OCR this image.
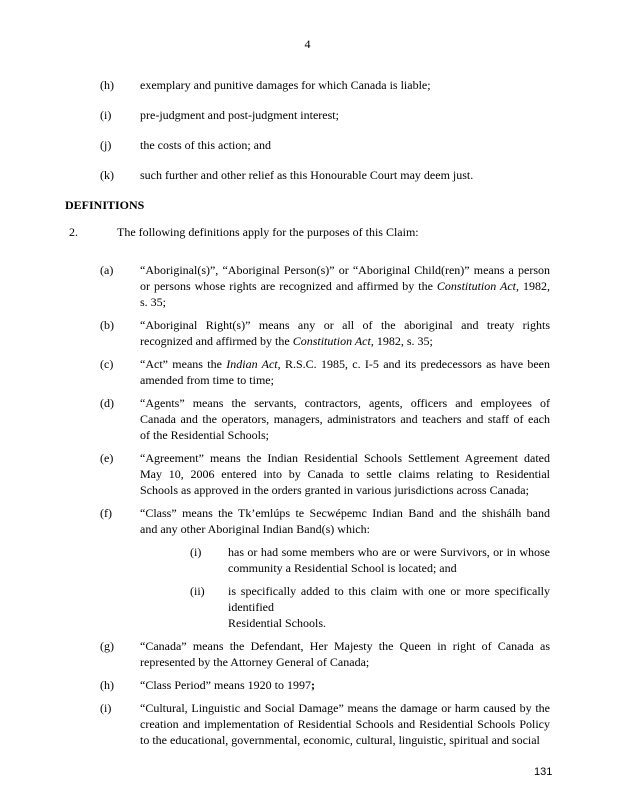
4
(h) exemplary and punitive damages for which Canada is liable;
(i) pre-judgment and post-judgment interest;
(j) the costs of this action; and
(k) such further and other relief as this Honourable Court may deem just.
DEFINITIONS
2.	The following definitions apply for the purposes of this Claim:
(a) “Aboriginal(s)”, “Aboriginal Person(s)” or “Aboriginal Child(ren)” means a person
or persons whose rights are recognized and affirmed by the Constitution Act, 1982,
s. 35;
(b) “Aboriginal Right(s)” means any or all of the aboriginal and treaty rights
recognized and affirmed by the Constitution Act, 1982, s. 35;
(c) “Act” means the Indian Act, R.S.C. 1985, c. I-5 and its predecessors as have been
amended from time to time;
(d) “Agents” means the servants, contractors, agents, officers and employees of
Canada and the operators, managers, administrators and teachers and staff of each
of the Residential Schools;
(e) “Agreement” means the Indian Residential Schools Settlement Agreement dated
May 10, 2006 entered into by Canada to settle claims relating to Residential
Schools as approved in the orders granted in various jurisdictions across Canada;
(f) “Class” means the Tk’emlúps te Secwépemc Indian Band and the shishálh band
and any other Aboriginal Indian Band(s) which:
(i) has or had some members who are or were Survivors, or in whose
community a Residential School is located; and
(ii) is specifically added to this claim with one or more specifically identified
Residential Schools.
(g) “Canada” means the Defendant, Her Majesty the Queen in right of Canada as
represented by the Attorney General of Canada;
(h) “Class Period” means 1920 to 1997;
(i) “Cultural, Linguistic and Social Damage” means the damage or harm caused by the
creation and implementation of Residential Schools and Residential Schools Policy
to the educational, governmental, economic, cultural, linguistic, spiritual and social
131
